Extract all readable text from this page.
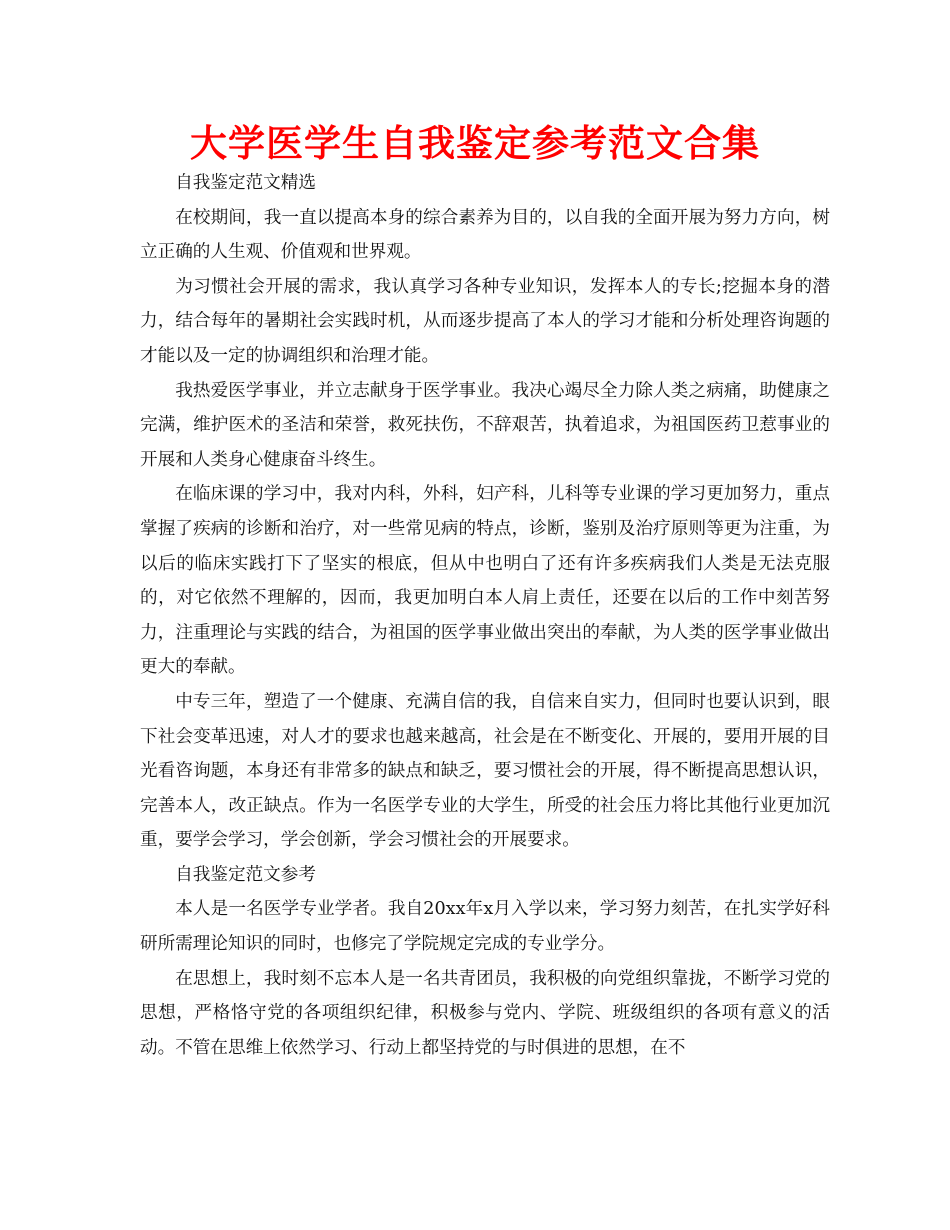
大学医学生自我鉴定参考范文合集

自我鉴定范文精选

在校期间，我一直以提高本身的综合素养为目的，以自我的全面开展为努力方向，树立正确的人生观、价值观和世界观。

为习惯社会开展的需求，我认真学习各种专业知识，发挥本人的专长;挖掘本身的潜力，结合每年的暑期社会实践时机，从而逐步提高了本人的学习才能和分析处理咨询题的才能以及一定的协调组织和治理才能。

我热爱医学事业，并立志献身于医学事业。我决心竭尽全力除人类之病痛，助健康之完满，维护医术的圣洁和荣誉，救死扶伤，不辞艰苦，执着追求，为祖国医药卫惹事业的开展和人类身心健康奋斗终生。

在临床课的学习中，我对内科，外科，妇产科，儿科等专业课的学习更加努力，重点掌握了疾病的诊断和治疗，对一些常见病的特点，诊断，鉴别及治疗原则等更为注重，为以后的临床实践打下了坚实的根底，但从中也明白了还有许多疾病我们人类是无法克服的，对它依然不理解的，因而，我更加明白本人肩上责任，还要在以后的工作中刻苦努力，注重理论与实践的结合，为祖国的医学事业做出突出的奉献，为人类的医学事业做出更大的奉献。

中专三年，塑造了一个健康、充满自信的我，自信来自实力，但同时也要认识到，眼下社会变革迅速，对人才的要求也越来越高，社会是在不断变化、开展的，要用开展的目光看咨询题，本身还有非常多的缺点和缺乏，要习惯社会的开展，得不断提高思想认识，完善本人，改正缺点。作为一名医学专业的大学生，所受的社会压力将比其他行业更加沉重，要学会学习，学会创新，学会习惯社会的开展要求。

自我鉴定范文参考

本人是一名医学专业学者。我自20xx年x月入学以来，学习努力刻苦，在扎实学好科研所需理论知识的同时，也修完了学院规定完成的专业学分。

在思想上，我时刻不忘本人是一名共青团员，我积极的向党组织靠拢，不断学习党的思想，严格恪守党的各项组织纪律，积极参与党内、学院、班级组织的各项有意义的活动。不管在思维上依然学习、行动上都坚持党的与时俱进的思想，在不
